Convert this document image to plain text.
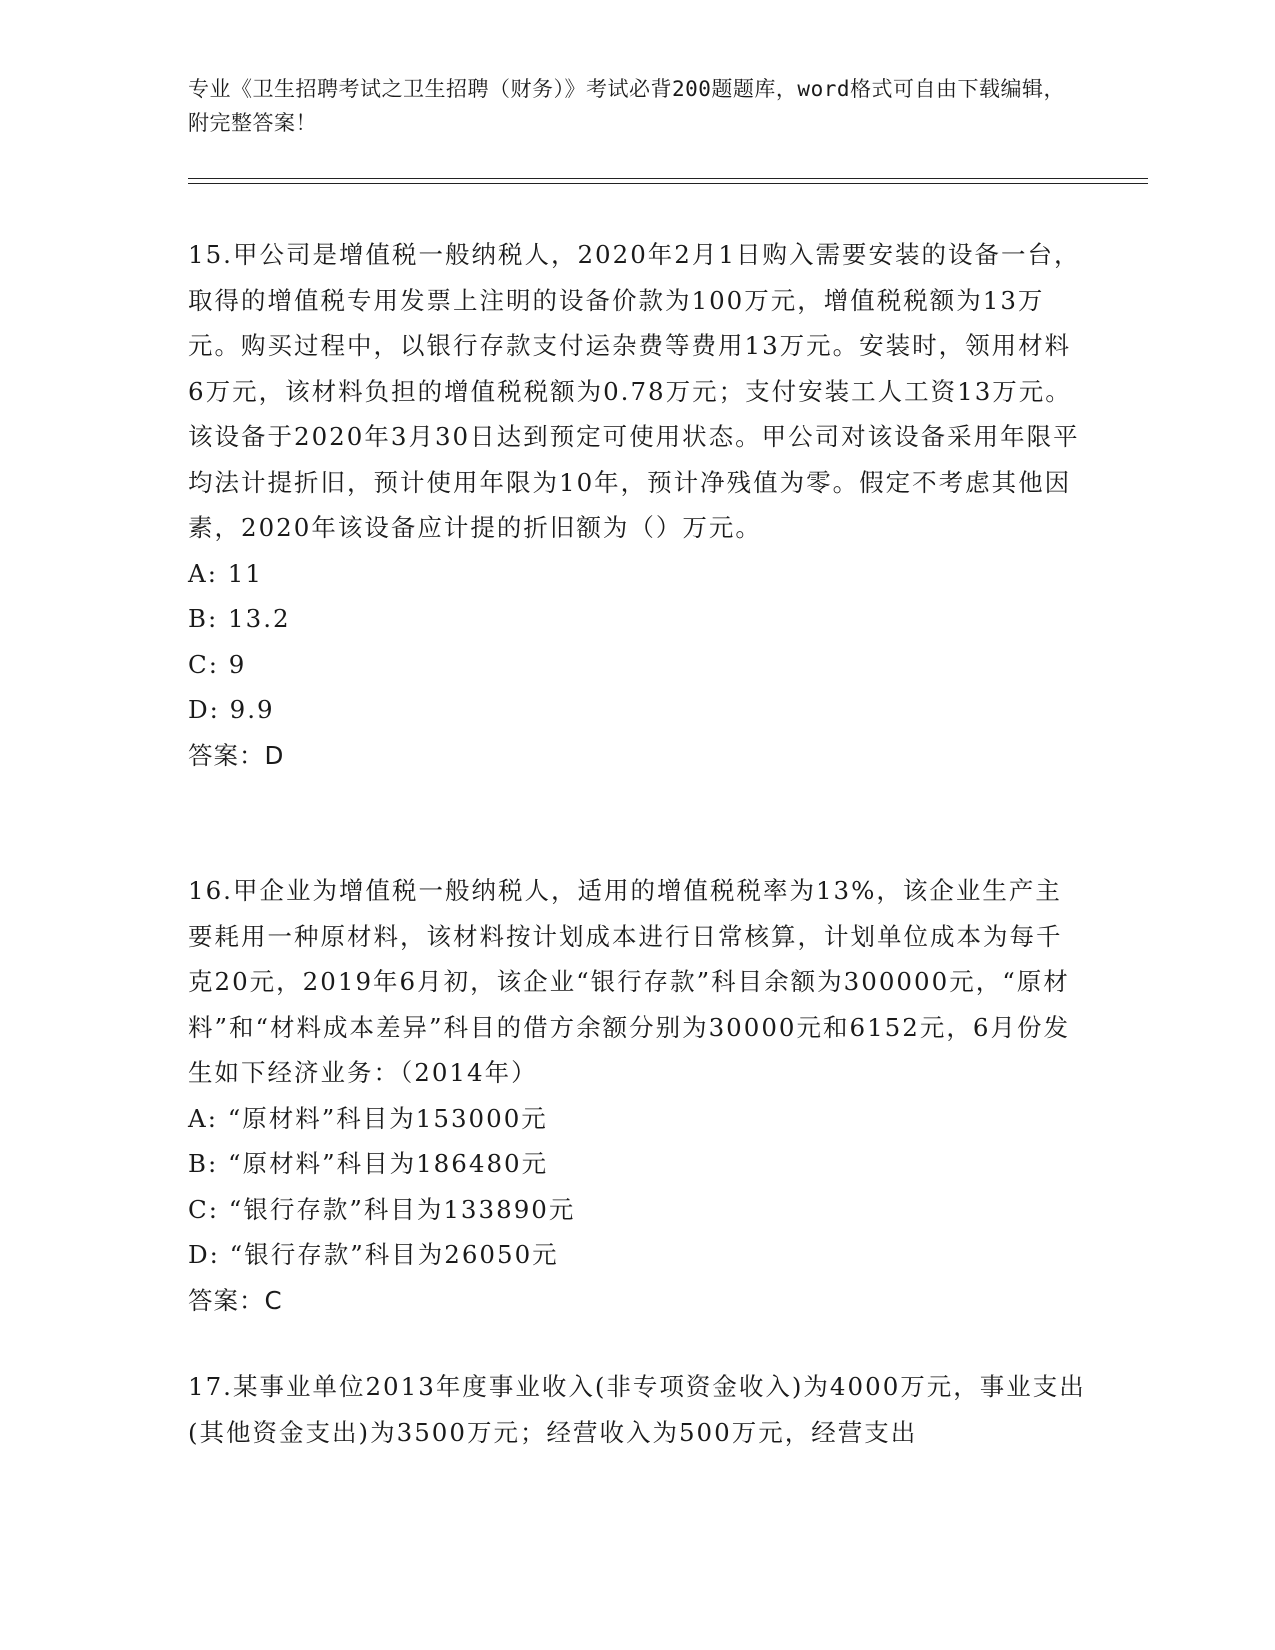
专业《卫生招聘考试之卫生招聘（财务）》考试必背200题题库，word格式可自由下载编辑，附完整答案！

15.甲公司是增值税一般纳税人，2020年2月1日购入需要安装的设备一台，取得的增值税专用发票上注明的设备价款为100万元，增值税税额为13万元。购买过程中，以银行存款支付运杂费等费用13万元。安装时，领用材料6万元，该材料负担的增值税税额为0.78万元；支付安装工人工资13万元。该设备于2020年3月30日达到预定可使用状态。甲公司对该设备采用年限平均法计提折旧，预计使用年限为10年，预计净残值为零。假定不考虑其他因素，2020年该设备应计提的折旧额为（）万元。

A: 11

B: 13.2

C: 9

D: 9.9

答案：D

16.甲企业为增值税一般纳税人，适用的增值税税率为13%，该企业生产主要耗用一种原材料，该材料按计划成本进行日常核算，计划单位成本为每千克20元，2019年6月初，该企业“银行存款”科目余额为300000元，“原材料”和“材料成本差异”科目的借方余额分别为30000元和6152元，6月份发生如下经济业务：（2014年）

A: “原材料”科目为153000元

B: “原材料”科目为186480元

C: “银行存款”科目为133890元

D: “银行存款”科目为26050元

答案：C

17.某事业单位2013年度事业收入(非专项资金收入)为4000万元，事业支出(其他资金支出)为3500万元；经营收入为500万元，经营支出
